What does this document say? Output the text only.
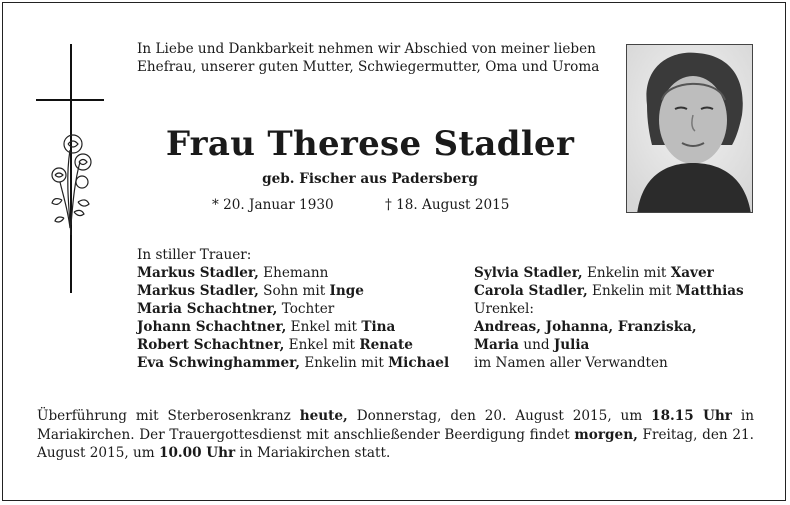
In Liebe und Dankbarkeit nehmen wir Abschied von meiner lieben Ehefrau, unserer guten Mutter, Schwiegermutter, Oma und Uroma
Frau Therese Stadler
geb. Fischer aus Padersberg
* 20. Januar 1930	† 18. August 2015
In stiller Trauer:
Markus Stadler, Ehemann
Markus Stadler, Sohn mit Inge
Maria Schachtner, Tochter
Johann Schachtner, Enkel mit Tina
Robert Schachtner, Enkel mit Renate
Eva Schwinghammer, Enkelin mit Michael
Sylvia Stadler, Enkelin mit Xaver
Carola Stadler, Enkelin mit Matthias
Urenkel:
Andreas, Johanna, Franziska,
Maria und Julia
im Namen aller Verwandten
Überführung mit Sterberosenkranz heute, Donnerstag, den 20. August 2015, um 18.15 Uhr in Mariakirchen. Der Trauergottesdienst mit anschließender Beerdigung findet morgen, Freitag, den 21. August 2015, um 10.00 Uhr in Mariakirchen statt.
